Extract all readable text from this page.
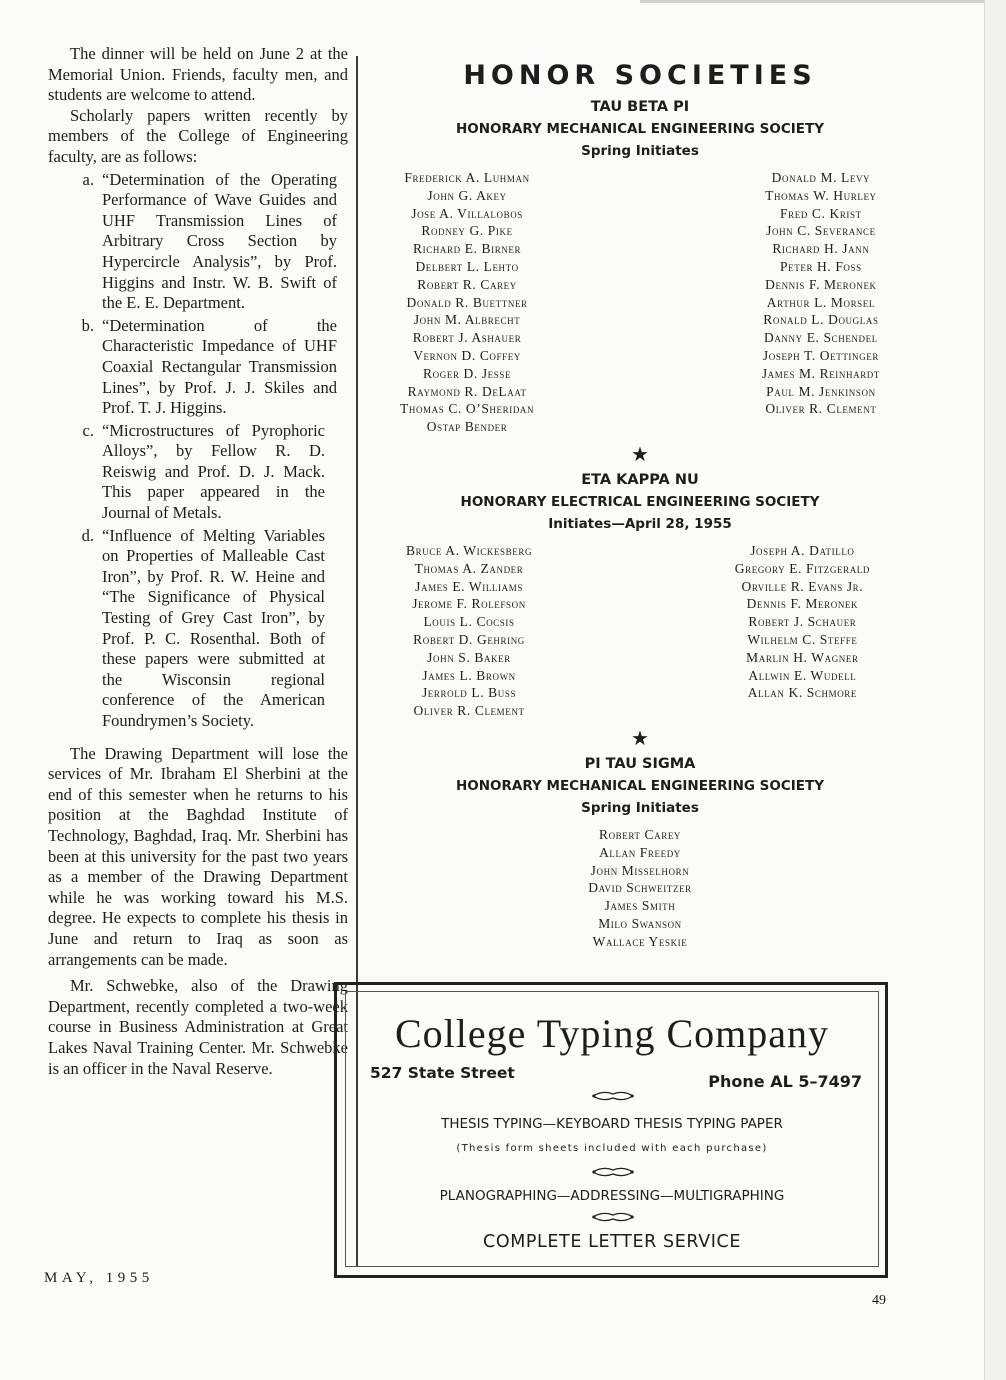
The dinner will be held on June 2 at the Memorial Union. Friends, faculty men, and students are welcome to attend.

Scholarly papers written recently by members of the College of Engineering faculty, are as follows:

a. “Determination of the Operating Performance of Wave Guides and UHF Transmission Lines of Arbitrary Cross Section by Hypercircle Analysis”, by Prof. Higgins and Instr. W. B. Swift of the E. E. Department.
b. “Determination of the Characteristic Impedance of UHF Coaxial Rectangular Transmission Lines”, by Prof. J. J. Skiles and Prof. T. J. Higgins.
c. “Microstructures of Pyrophoric Alloys”, by Fellow R. D. Reiswig and Prof. D. J. Mack. This paper appeared in the Journal of Metals.
d. “Influence of Melting Variables on Properties of Malleable Cast Iron”, by Prof. R. W. Heine and “The Significance of Physical Testing of Grey Cast Iron”, by Prof. P. C. Rosenthal. Both of these papers were submitted at the Wisconsin regional conference of the American Foundrymen’s Society.

The Drawing Department will lose the services of Mr. Ibraham El Sherbini at the end of this semester when he returns to his position at the Baghdad Institute of Technology, Baghdad, Iraq. Mr. Sherbini has been at this university for the past two years as a member of the Drawing Department while he was working toward his M.S. degree. He expects to complete his thesis in June and return to Iraq as soon as arrangements can be made.

Mr. Schwebke, also of the Drawing Department, recently completed a two-week course in Business Administration at Great Lakes Naval Training Center. Mr. Schwebke is an officer in the Naval Reserve.

MAY, 1955
49
HONOR SOCIETIES
TAU BETA PI
HONORARY MECHANICAL ENGINEERING SOCIETY
Spring Initiates
Frederick A. Luhman
John G. Akey
Jose A. Villalobos
Rodney G. Pike
Richard E. Birner
Delbert L. Lehto
Robert R. Carey
Donald R. Buettner
John M. Albrecht
Robert J. Ashauer
Vernon D. Coffey
Roger D. Jesse
Raymond R. DeLaat
Thomas C. O’Sheridan
Ostap Bender
Donald M. Levy
Thomas W. Hurley
Fred C. Krist
John C. Severance
Richard H. Jann
Peter H. Foss
Dennis F. Meronek
Arthur L. Morsel
Ronald L. Douglas
Danny E. Schendel
Joseph T. Oettinger
James M. Reinhardt
Paul M. Jenkinson
Oliver R. Clement
★
ETA KAPPA NU
HONORARY ELECTRICAL ENGINEERING SOCIETY
Initiates—April 28, 1955
Bruce A. Wickesberg
Thomas A. Zander
James E. Williams
Jerome F. Rolefson
Louis L. Cocsis
Robert D. Gehring
John S. Baker
James L. Brown
Jerrold L. Buss
Oliver R. Clement
Joseph A. Datillo
Gregory E. Fitzgerald
Orville R. Evans Jr.
Dennis F. Meronek
Robert J. Schauer
Wilhelm C. Steffe
Marlin H. Wagner
Allwin E. Wudell
Allan K. Schmore
★
PI TAU SIGMA
HONORARY MECHANICAL ENGINEERING SOCIETY
Spring Initiates
Robert Carey
Allan Freedy
John Misselhorn
David Schweitzer
James Smith
Milo Swanson
Wallace Yeskie
College Typing Company
527 State Street	Phone AL 5–7497
THESIS TYPING—KEYBOARD THESIS TYPING PAPER
(Thesis form sheets included with each purchase)
PLANOGRAPHING—ADDRESSING—MULTIGRAPHING
COMPLETE LETTER SERVICE
